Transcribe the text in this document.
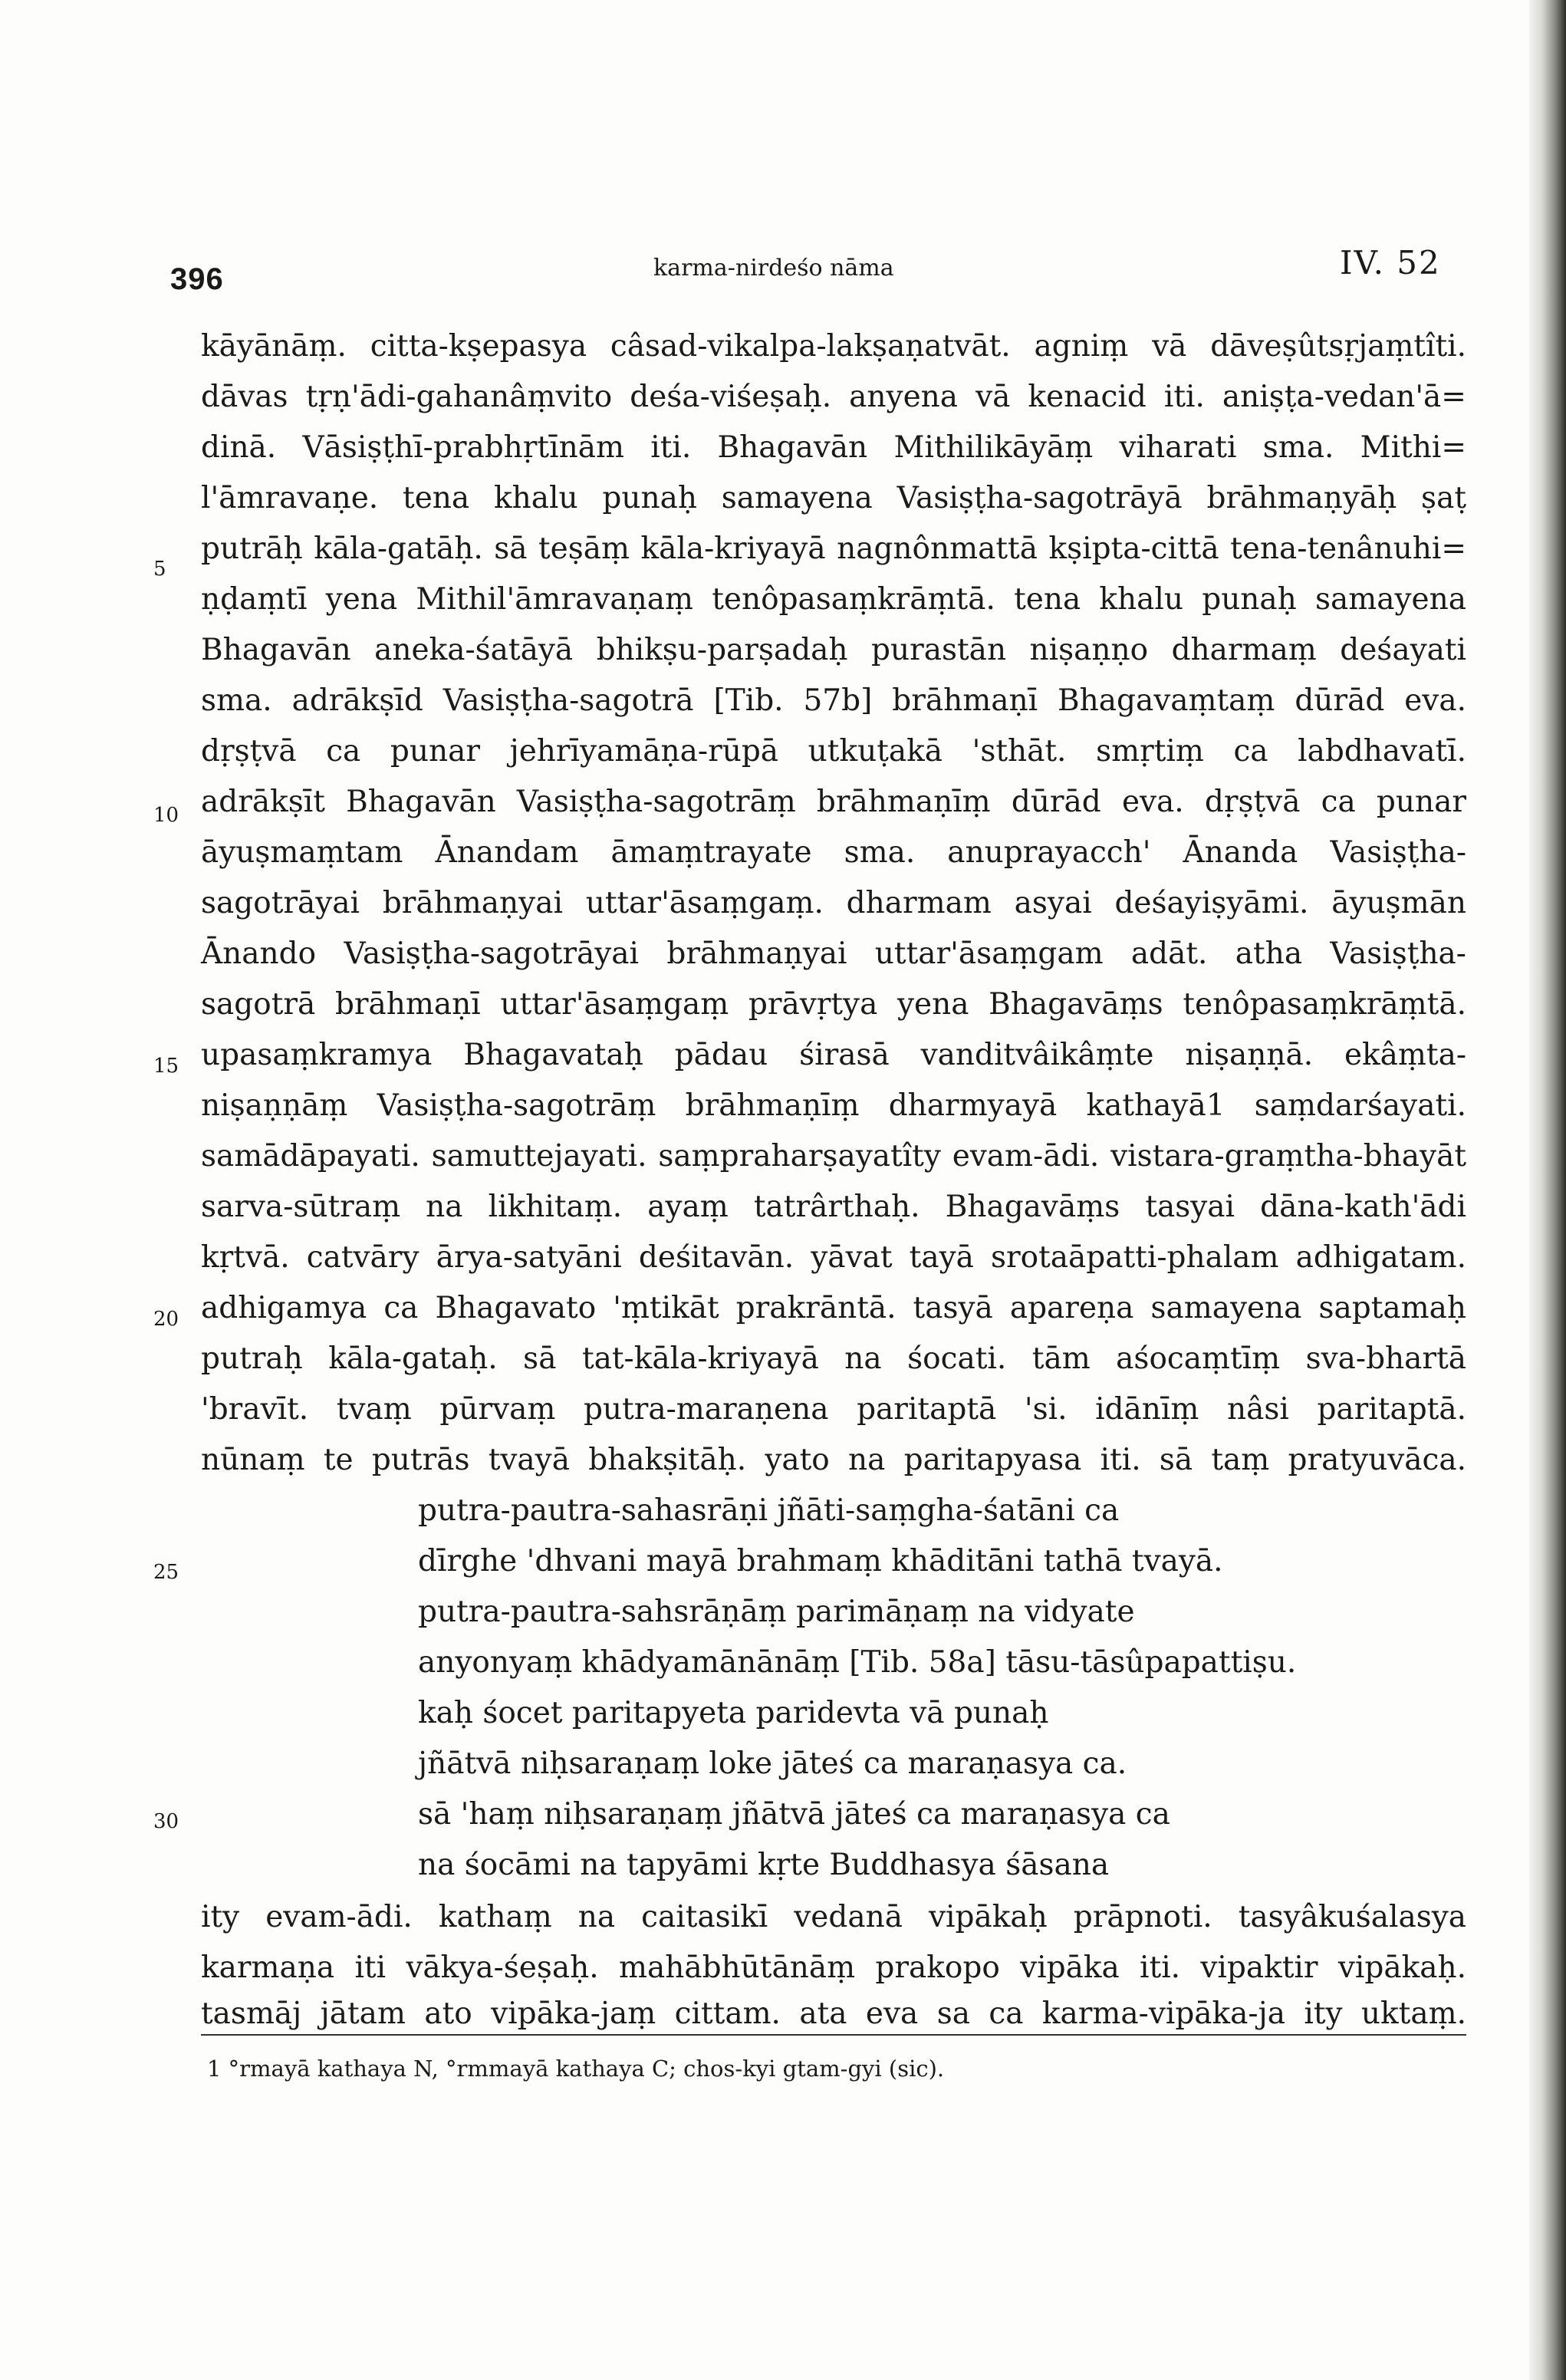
396	karma-nirdeśo nāma	IV. 52
5
10
15
20
25
30
kāyānāṃ. citta-kṣepasya câsad-vikalpa-lakṣaṇatvāt. agniṃ vā dāveṣûtsṛjaṃtîti.
dāvas tṛṇ'ādi-gahanâṃvito deśa-viśeṣaḥ. anyena vā kenacid iti. aniṣṭa-vedan'ā=
dinā. Vāsiṣṭhī-prabhṛtīnām iti. Bhagavān Mithilikāyāṃ viharati sma. Mithi=
l'āmravaṇe. tena khalu punaḥ samayena Vasiṣṭha-sagotrāyā brāhmaṇyāḥ ṣaṭ
putrāḥ kāla-gatāḥ. sā teṣāṃ kāla-kriyayā nagnônmattā kṣipta-cittā tena-tenânuhi=
ṇḍaṃtī yena Mithil'āmravaṇaṃ tenôpasaṃkrāṃtā. tena khalu punaḥ samayena
Bhagavān aneka-śatāyā bhikṣu-parṣadaḥ purastān niṣaṇṇo dharmaṃ deśayati
sma. adrākṣīd Vasiṣṭha-sagotrā [Tib. 57b] brāhmaṇī Bhagavaṃtaṃ dūrād eva.
dṛṣṭvā ca punar jehrīyamāṇa-rūpā utkuṭakā 'sthāt. smṛtiṃ ca labdhavatī.
adrākṣīt Bhagavān Vasiṣṭha-sagotrāṃ brāhmaṇīṃ dūrād eva. dṛṣṭvā ca punar
āyuṣmaṃtam Ānandam āmaṃtrayate sma. anuprayacch' Ānanda Vasiṣṭha-
sagotrāyai brāhmaṇyai uttar'āsaṃgaṃ. dharmam asyai deśayiṣyāmi. āyuṣmān
Ānando Vasiṣṭha-sagotrāyai brāhmaṇyai uttar'āsaṃgam adāt. atha Vasiṣṭha-
sagotrā brāhmaṇī uttar'āsaṃgaṃ prāvṛtya yena Bhagavāṃs tenôpasaṃkrāṃtā.
upasaṃkramya Bhagavataḥ pādau śirasā vanditvâikâṃte niṣaṇṇā. ekâṃta-
niṣaṇṇāṃ Vasiṣṭha-sagotrāṃ brāhmaṇīṃ dharmyayā kathayā1 saṃdarśayati.
samādāpayati. samuttejayati. saṃpraharṣayatîty evam-ādi. vistara-graṃtha-bhayāt
sarva-sūtraṃ na likhitaṃ. ayaṃ tatrârthaḥ. Bhagavāṃs tasyai dāna-kath'ādi
kṛtvā. catvāry ārya-satyāni deśitavān. yāvat tayā srotaāpatti-phalam adhigatam.
adhigamya ca Bhagavato 'ṃtikāt prakrāntā. tasyā apareṇa samayena saptamaḥ
putraḥ kāla-gataḥ. sā tat-kāla-kriyayā na śocati. tām aśocaṃtīṃ sva-bhartā
'bravīt. tvaṃ pūrvaṃ putra-maraṇena paritaptā 'si. idānīṃ nâsi paritaptā.
nūnaṃ te putrās tvayā bhakṣitāḥ. yato na paritapyasa iti. sā taṃ pratyuvāca.
putra-pautra-sahasrāṇi jñāti-saṃgha-śatāni ca
dīrghe 'dhvani mayā brahmaṃ khāditāni tathā tvayā.
putra-pautra-sahsrāṇāṃ parimāṇaṃ na vidyate
anyonyaṃ khādyamānānāṃ [Tib. 58a] tāsu-tāsûpapattiṣu.
kaḥ śocet paritapyeta paridevta vā punaḥ
jñātvā niḥsaraṇaṃ loke jāteś ca maraṇasya ca.
sā 'haṃ niḥsaraṇaṃ jñātvā jāteś ca maraṇasya ca
na śocāmi na tapyāmi kṛte Buddhasya śāsana
ity evam-ādi. kathaṃ na caitasikī vedanā vipākaḥ prāpnoti. tasyâkuśalasya
karmaṇa iti vākya-śeṣaḥ. mahābhūtānāṃ prakopo vipāka iti. vipaktir vipākaḥ.
tasmāj jātam ato vipāka-jaṃ cittam. ata eva sa ca karma-vipāka-ja ity uktaṃ.
1 °rmayā kathaya N, °rmmayā kathaya C; chos-kyi gtam-gyi (sic).
